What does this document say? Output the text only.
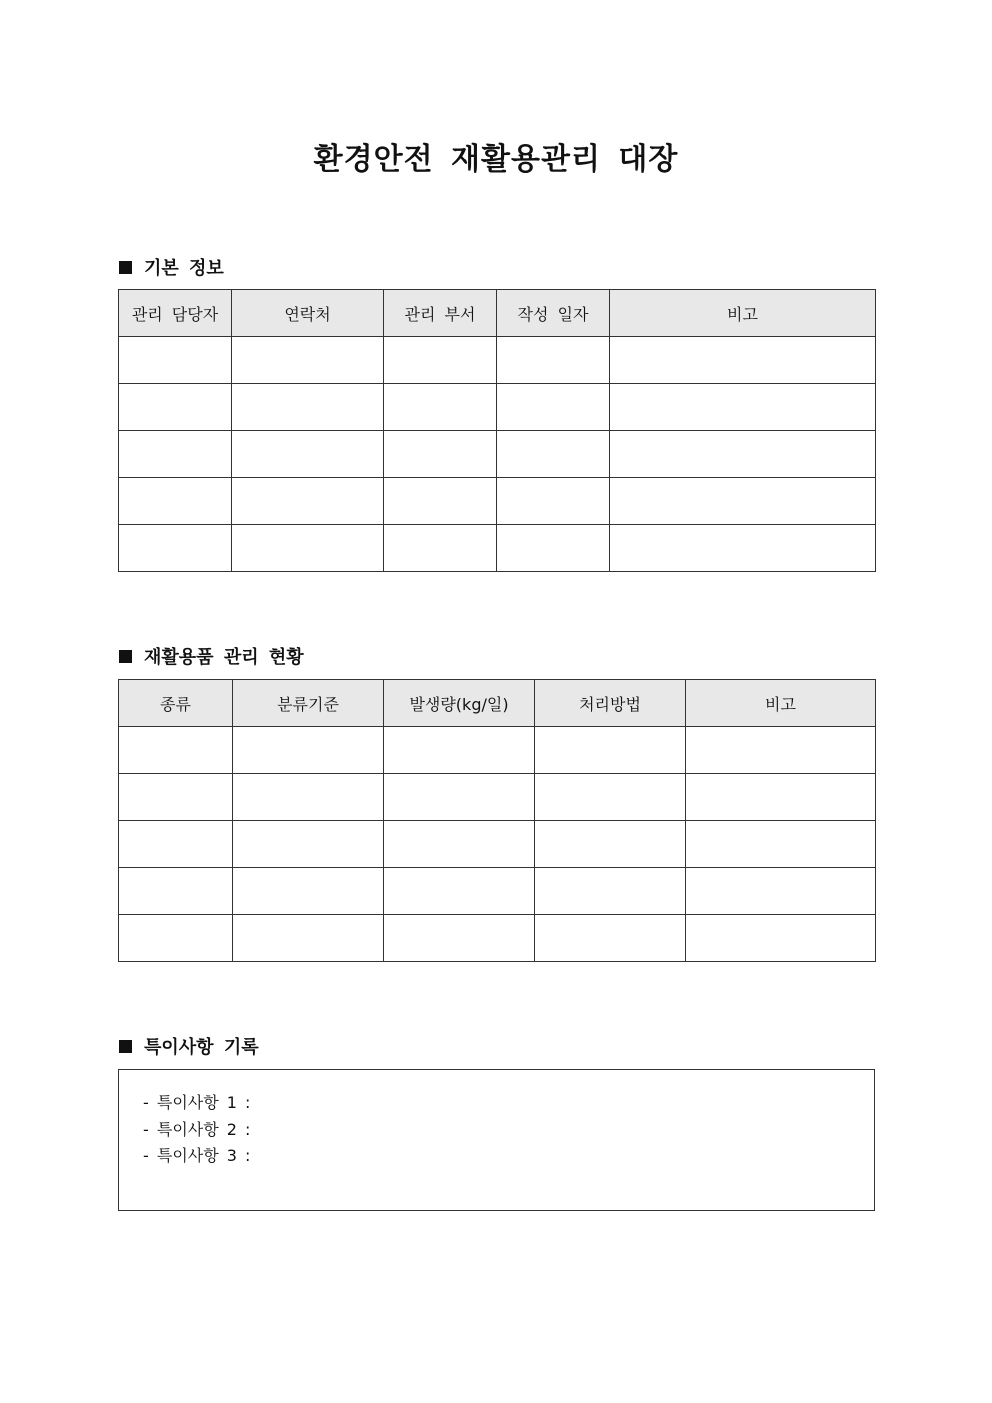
환경안전 재활용관리 대장
기본 정보
관리 담당자	연락처	관리 부서	작성 일자	비고

재활용품 관리 현황
종류	분류기준	발생량(kg/일)	처리방법	비고

특이사항 기록
- 특이사항 1 :
- 특이사항 2 :
- 특이사항 3 :
